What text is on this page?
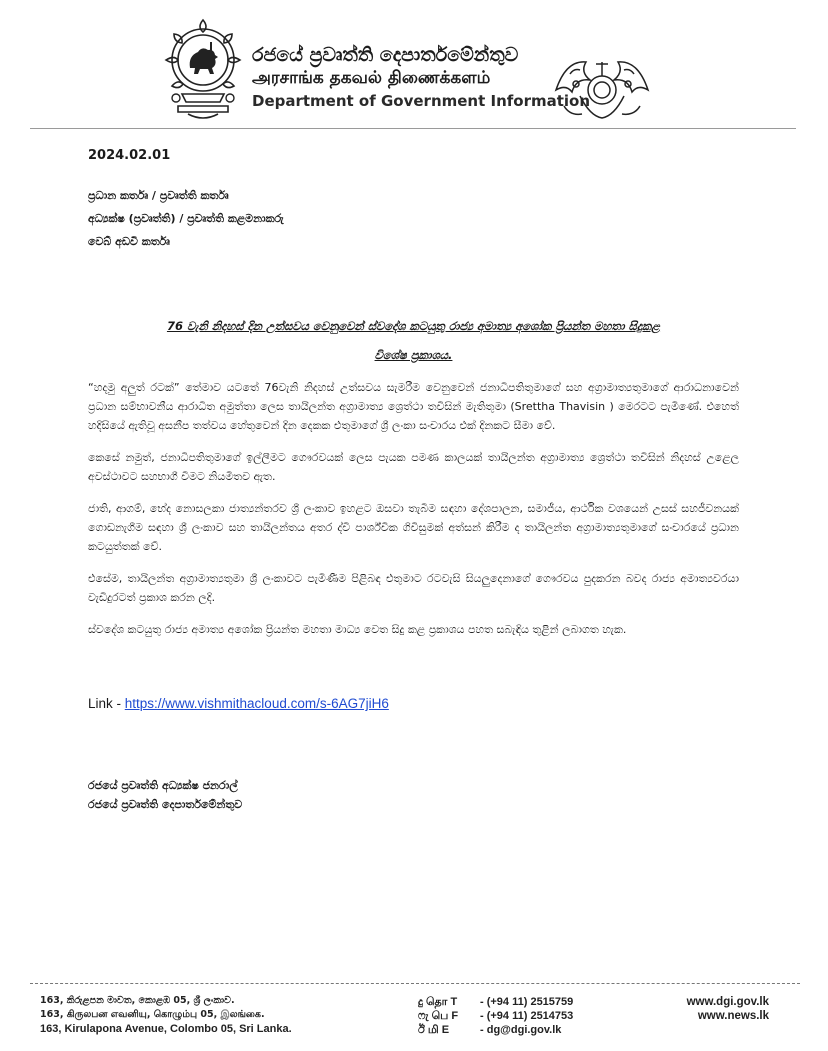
රජයේ ප්‍රවෘත්ති දෙපාර්තමේන්තුව
அரசாங்க தகவல் திணைக்களம்
Department of Government Information
2024.02.01
ප්‍රධාන කර්තෘ / ප්‍රවෘත්ති කර්තෘ
අධ්‍යක්ෂ (ප්‍රවෘත්ති) / ප්‍රවෘත්ති කළමනාකරු
වෙබ් අඩවි කර්තෘ
76 වැනි නිදහස් දින උත්සවය වෙනුවෙන් ස්වදේශ කටයුතු රාජ්‍ය අමාත්‍ය අශෝක ප්‍රියන්ත මහතා සිදුකළ
විශේෂ ප්‍රකාශය.

“හදමු අලුත් රටක්” තේමාව යටතේ 76වැනි නිදහස් උත්සවය සැමරීම වෙනුවෙන් ජනාධිපතිතුමාගේ සහ අග්‍රාමාත්‍යතුමාගේ ආරාධනාවෙන් ප්‍රධාන සම්භාවනීය ආරාධිත අමුත්තා ලෙස තායිලන්ත අග්‍රාමාත්‍ය ශ්‍රෙත්ථා තවිසින් මැතිතුමා (Srettha Thavisin ) මෙරටට පැමිණේ. එහෙත් හදිසියේ ඇතිවූ අසනීප තත්වය හේතුවෙන් දින දෙකක එතුමාගේ ශ්‍රී ලංකා සංචාරය එක් දිනකට සීමා වේ.

කෙසේ නමුත්, ජනාධිපතිතුමාගේ ඉල්ලීමට ගෞරවයක් ලෙස පැයක පමණ කාලයක් තායිලන්ත අග්‍රාමාත්‍ය ශ්‍රෙත්ථා තවිසින් නිදහස් උළෙල අවස්ථාවට සහභාගී වීමට නියමිතව ඇත.

ජාති, ආගම්, භේද නොසලකා ජාත්‍යන්තරව ශ්‍රී ලංකාව ඉහළට ඔසවා තැබීම සඳහා දේශපාලන, සමාජීය, ආර්ථික වශයෙන් උසස් සහජීවනයක් ගොඩනැගීම සඳහා ශ්‍රී ලංකාව සහ තායිලන්තය අතර ද්වි පාර්ශ්වික ගිවිසුමක් අත්සන් කිරීම ද තායිලන්ත අග්‍රාමාත්‍යතුමාගේ සංචාරයේ ප්‍රධාන කටයුත්තක් වේ.

එසේම, තායිලන්ත අග්‍රාමාත්‍යතුමා ශ්‍රී ලංකාවට පැමිණීම පිළිබඳ එතුමාට රටවැසි සියලුදෙනාගේ ගෞරවය පුදකරන බවද රාජ්‍ය අමාත්‍යවරයා වැඩිදුරටත් ප්‍රකාශ කරන ලදි.

ස්වදේශ කටයුතු රාජ්‍ය අමාත්‍ය අශෝක ප්‍රියන්ත මහතා මාධ්‍ය වෙත සිදු කළ ප්‍රකාශය පහත සබැඳිය තුළින් ලබාගත හැක.

Link - https://www.vishmithacloud.com/s-6AG7jiH6
රජයේ ප්‍රවෘත්ති අධ්‍යක්ෂ ජනරාල්
රජයේ ප්‍රවෘත්ති දෙපාර්තමේන්තුව
163, කිරුළපන මාවත, කොළඹ 05, ශ්‍රී ලංකාව.
163, கிருலபன எவனியு, கொழும்பு 05, இலங்கை.
163, Kirulapona Avenue, Colombo 05, Sri Lanka.
දු தொ T	- (+94 11) 2515759
ෆැ பெ F	- (+94 11) 2514753
ඊ மி E	- dg@dgi.gov.lk
www.dgi.gov.lk
www.news.lk
